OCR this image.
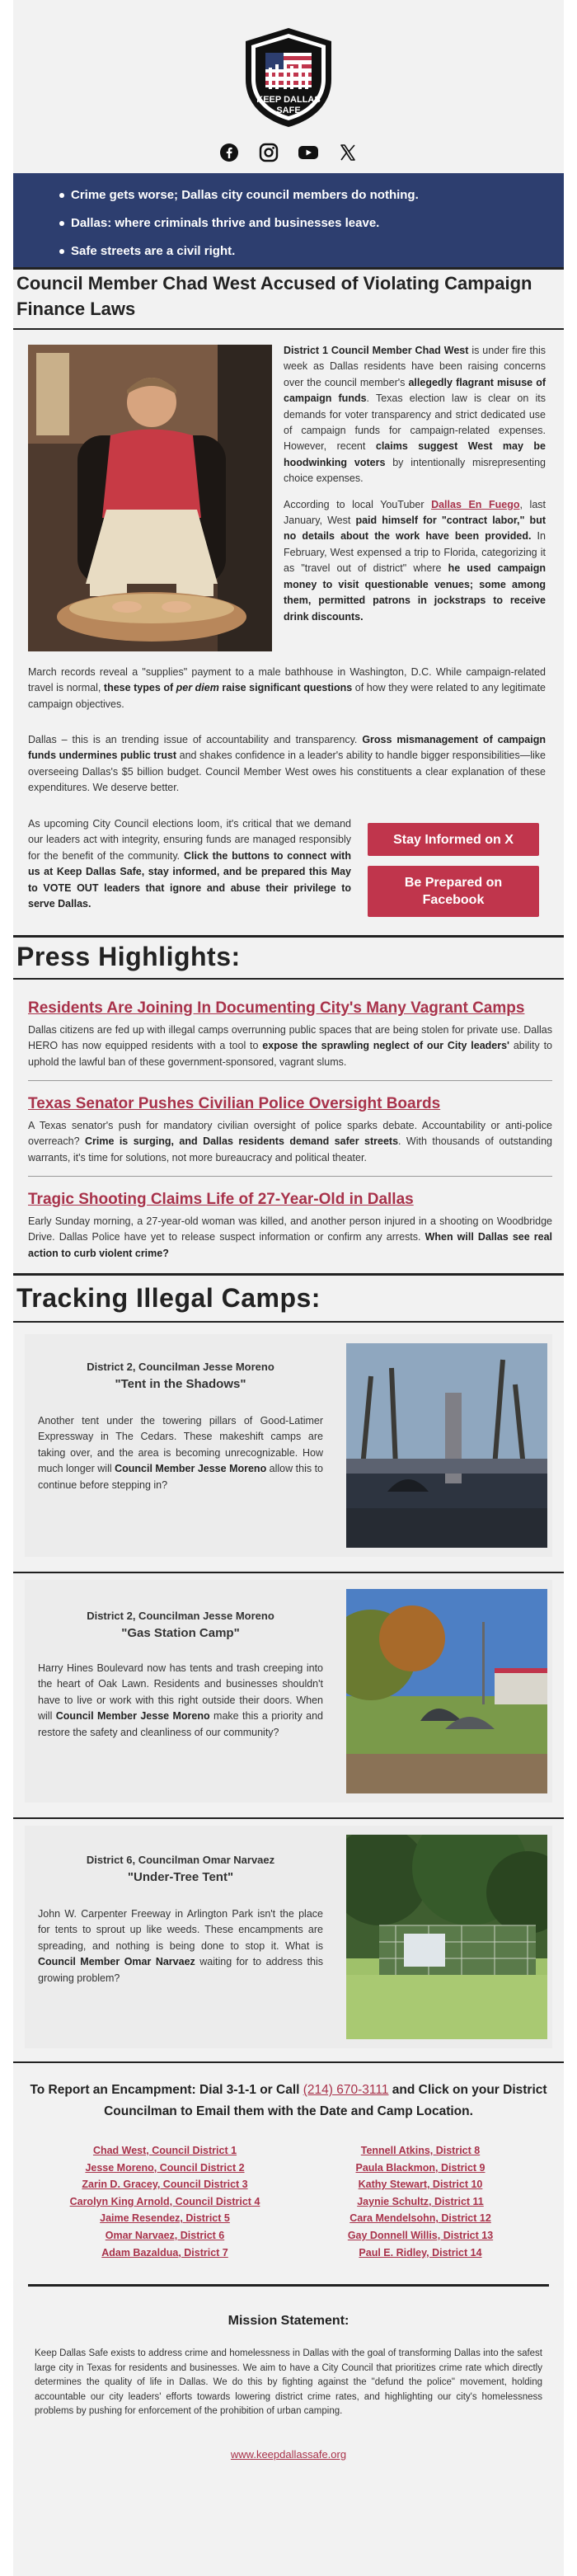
KEEP DALLAS
SAFE
Crime gets worse; Dallas city council members do nothing.
Dallas: where criminals thrive and businesses leave.
Safe streets are a civil right.
Council Member Chad West Accused of Violating Campaign Finance Laws

District 1 Council Member Chad West is under fire this week as Dallas residents have been raising concerns over the council member's allegedly flagrant misuse of campaign funds. Texas election law is clear on its demands for voter transparency and strict dedicated use of campaign funds for campaign-related expenses. However, recent claims suggest West may be hoodwinking voters by intentionally misrepresenting choice expenses.

According to local YouTuber Dallas En Fuego, last January, West paid himself for "contract labor," but no details about the work have been provided. In February, West expensed a trip to Florida, categorizing it as "travel out of district" where he used campaign money to visit questionable venues; some among them, permitted patrons in jockstraps to receive drink discounts.

March records reveal a "supplies" payment to a male bathhouse in Washington, D.C. While campaign-related travel is normal, these types of per diem raise significant questions of how they were related to any legitimate campaign objectives.
Dallas – this is an trending issue of accountability and transparency. Gross mismanagement of campaign funds undermines public trust and shakes confidence in a leader's ability to handle bigger responsibilities—like overseeing Dallas's $5 billion budget. Council Member West owes his constituents a clear explanation of these expenditures. We deserve better.
As upcoming City Council elections loom, it's critical that we demand our leaders act with integrity, ensuring funds are managed responsibly for the benefit of the community. Click the buttons to connect with us at Keep Dallas Safe, stay informed, and be prepared this May to VOTE OUT leaders that ignore and abuse their privilege to serve Dallas.
Stay Informed on X
Be Prepared on Facebook
Press Highlights:
Residents Are Joining In Documenting City's Many Vagrant Camps
Dallas citizens are fed up with illegal camps overrunning public spaces that are being stolen for private use. Dallas HERO has now equipped residents with a tool to expose the sprawling neglect of our City leaders' ability to uphold the lawful ban of these government-sponsored, vagrant slums.
Texas Senator Pushes Civilian Police Oversight Boards
A Texas senator's push for mandatory civilian oversight of police sparks debate. Accountability or anti-police overreach? Crime is surging, and Dallas residents demand safer streets. With thousands of outstanding warrants, it's time for solutions, not more bureaucracy and political theater.
Tragic Shooting Claims Life of 27-Year-Old in Dallas
Early Sunday morning, a 27-year-old woman was killed, and another person injured in a shooting on Woodbridge Drive. Dallas Police have yet to release suspect information or confirm any arrests. When will Dallas see real action to curb violent crime?
Tracking Illegal Camps:
District 2, Councilman Jesse Moreno
"Tent in the Shadows"
Another tent under the towering pillars of Good-Latimer Expressway in The Cedars. These makeshift camps are taking over, and the area is becoming unrecognizable. How much longer will Council Member Jesse Moreno allow this to continue before stepping in?
District 2, Councilman Jesse Moreno
"Gas Station Camp"
Harry Hines Boulevard now has tents and trash creeping into the heart of Oak Lawn. Residents and businesses shouldn't have to live or work with this right outside their doors. When will Council Member Jesse Moreno make this a priority and restore the safety and cleanliness of our community?
District 6, Councilman Omar Narvaez
"Under-Tree Tent"
John W. Carpenter Freeway in Arlington Park isn't the place for tents to sprout up like weeds. These encampments are spreading, and nothing is being done to stop it. What is Council Member Omar Narvaez waiting for to address this growing problem?
To Report an Encampment: Dial 3-1-1 or Call (214) 670-3111 and Click on your District Councilman to Email them with the Date and Camp Location.
Chad West, Council District 1
Jesse Moreno, Council District 2
Zarin D. Gracey, Council District 3
Carolyn King Arnold, Council District 4
Jaime Resendez, District 5
Omar Narvaez, District 6
Adam Bazaldua, District 7
Tennell Atkins, District 8
Paula Blackmon, District 9
Kathy Stewart, District 10
Jaynie Schultz, District 11
Cara Mendelsohn, District 12
Gay Donnell Willis, District 13
Paul E. Ridley, District 14
Mission Statement:
Keep Dallas Safe exists to address crime and homelessness in Dallas with the goal of transforming Dallas into the safest large city in Texas for residents and businesses. We aim to have a City Council that prioritizes crime rate which directly determines the quality of life in Dallas. We do this by fighting against the "defund the police" movement, holding accountable our city leaders' efforts towards lowering district crime rates, and highlighting our city's homelessness problems by pushing for enforcement of the prohibition of urban camping.
www.keepdallassafe.org
